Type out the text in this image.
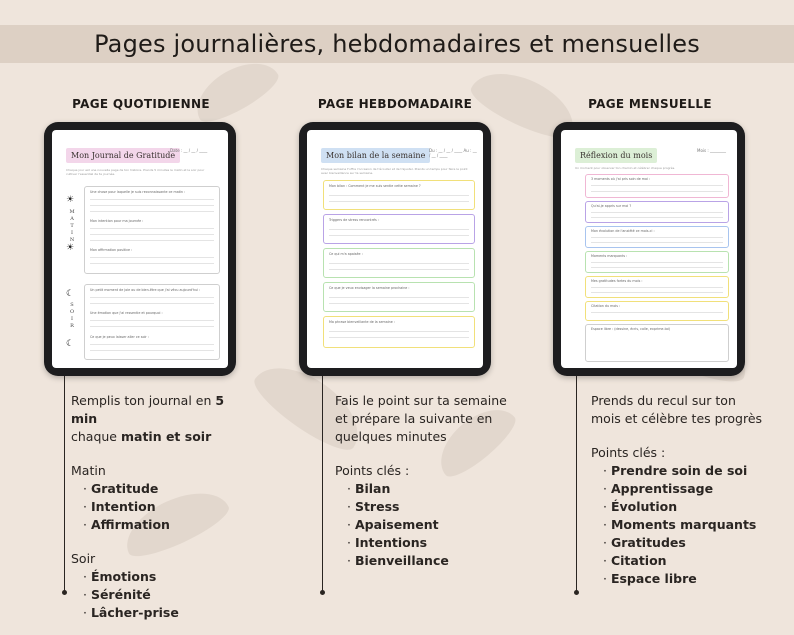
Pages journalières, hebdomadaires et mensuelles
PAGE QUOTIDIENNE	PAGE HEBDOMADAIRE	PAGE MENSUELLE
Mon Journal de Gratitude
Date : __ / __ / ____
Chaque jour est une nouvelle page de ton histoire. Prends 5 minutes le matin et le soir pour cultiver l'essentiel de ta journée.
☀
MATIN
☀
☾
SOIR
☾
Une chose pour laquelle je suis reconnaissante ce matin :
Mon intention pour ma journée :
Mon affirmation positive :
Un petit moment de joie ou de bien-être que j'ai vécu aujourd'hui :
Une émotion que j'ai ressentie et pourquoi :
Ce que je peux laisser aller ce soir :
Mon bilan de la semaine
Du : __ / __ / ____ Au : __ / __ / ____
Chaque semaine t'offre l'occasion de t'écouter et de t'ajuster. Prends un temps pour faire le point avec bienveillance sur ta semaine.
Mon bilan : Comment je me suis sentie cette semaine ?
Triggers de stress rencontrés :
Ce qui m'a apaisée :
Ce que je veux envisager la semaine prochaine :
Ma phrase bienveillante de la semaine :
Réflexion du mois
Mois : ________
Un moment pour observer ton chemin et célébrer chaque progrès.
3 moments où j'ai pris soin de moi :
Qu'ai-je appris sur moi ?
Mon évolution de l'anxiété ce mois-ci :
Moments marquants :
Mes gratitudes fortes du mois :
Citation du mois :
Espace libre : (dessine, écris, colle, exprime-toi)
Remplis ton journal en 5 min
chaque matin et soir
Matin
· Gratitude
· Intention
· Affirmation
Soir
· Émotions
· Sérénité
· Lâcher-prise
Fais le point sur ta semaine et prépare la suivante en quelques minutes
Points clés :
· Bilan
· Stress
· Apaisement
· Intentions
· Bienveillance
Prends du recul sur ton mois et célèbre tes progrès
Points clés :
· Prendre soin de soi
· Apprentissage
· Évolution
· Moments marquants
· Gratitudes
· Citation
· Espace libre
